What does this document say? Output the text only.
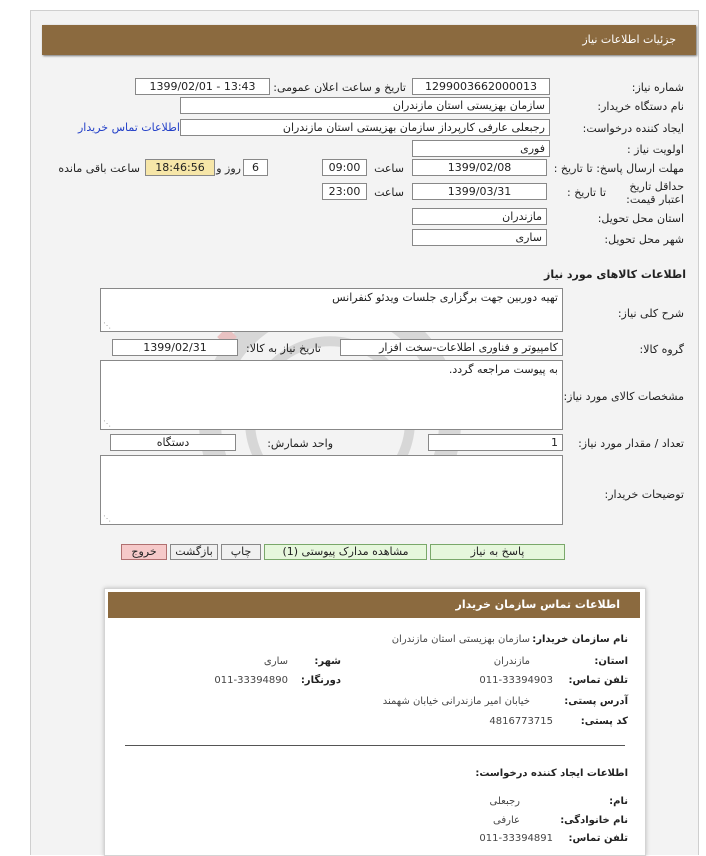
جزئیات اطلاعات نیاز
شماره نیاز:
1299003662000013
تاریخ و ساعت اعلان عمومی:
1399/02/01 - 13:43
نام دستگاه خریدار:
سازمان بهزیستی استان مازندران
ایجاد کننده درخواست:
رجبعلی عارفی کارپرداز سازمان بهزیستی استان مازندران
اطلاعات تماس خریدار
اولویت نیاز :
فوری
مهلت ارسال پاسخ: تا تاریخ :
1399/02/08
ساعت
09:00
6
روز و
18:46:56
ساعت باقی مانده
حداقل تاریخ اعتبار قیمت:
تا تاریخ :
1399/03/31
ساعت
23:00
استان محل تحویل:
مازندران
شهر محل تحویل:
ساری
اطلاعات کالاهای مورد نیاز
شرح کلی نیاز:
تهیه دوربین جهت برگزاری جلسات ویدئو کنفرانس
⋰
گروه کالا:
کامپیوتر و فناوری اطلاعات-سخت افزار
تاریخ نیاز به کالا:
1399/02/31
مشخصات کالای مورد نیاز:
به پیوست مراجعه گردد.
⋰
تعداد / مقدار مورد نیاز:
1
واحد شمارش:
دستگاه
توضیحات خریدار:
⋰
پاسخ به نیاز
مشاهده مدارک پیوستی (1)
چاپ
بازگشت
خروج
اطلاعات تماس سازمان خریدار
نام سازمان خریدار:
سازمان بهزیستی استان مازندران
استان:
مازندران
شهر:
ساری
تلفن تماس:
011-33394903
دورنگار:
011-33394890
آدرس پستی:
خیابان امیر مازندرانی خیابان شهمند
کد پستی:
4816773715
اطلاعات ایجاد کننده درخواست:
نام:
رجبعلی
نام خانوادگی:
عارفی
تلفن تماس:
011-33394891
